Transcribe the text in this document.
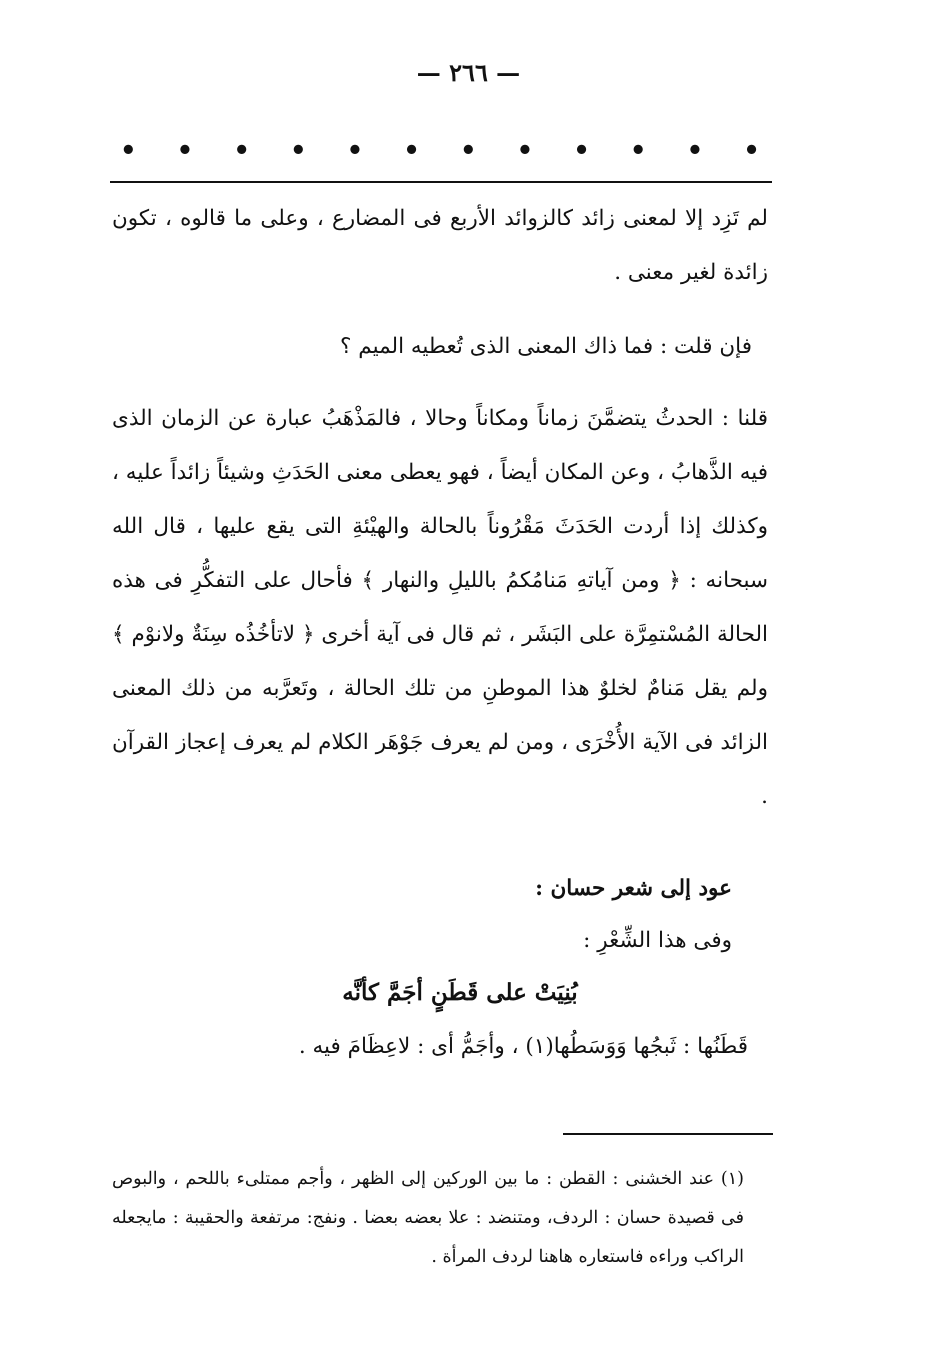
— ٢٦٦ —
• • • • • • • • • • • •

لم تَزِد إلا لمعنى زائد كالزوائد الأربع فى المضارع ، وعلى ما قالوه ، تكون زائدة لغير معنى .

فإن قلت : فما ذاك المعنى الذى تُعطيه الميم ؟

قلنا : الحدثُ يتضمَّنَ زماناً ومكاناً وحالا ، فالمَذْهَبُ عبارة عن الزمان الذى فيه الذَّهابُ ، وعن المكان أيضاً ، فهو يعطى معنى الحَدَثِ وشيئاً زائداً عليه ، وكذلك إذا أردت الحَدَثَ مَقْرُوناً بالحالة والهيْئةِ التى يقع عليها ، قال الله سبحانه : ﴿ ومن آياتهِ مَنامُكمُ بالليلِ والنهار ﴾ فأحال على التفكُّرِ فى هذه الحالة المُسْتمِرَّة على البَشَر ، ثم قال فى آية أخرى ﴿ لاتأخُذُه سِنَةٌ ولانوْم ﴾ ولم يقل مَنامٌ لخلوٌ هذا الموطنِ من تلك الحالة ، وتَعرَّبه من ذلك المعنى الزائد فى الآية الأُخْرَى ، ومن لم يعرف جَوْهَر الكلام لم يعرف إعجاز القرآن .

عود إلى شعر حسان :

وفى هذا الشِّعْرِ :

بُنِيَتْ على قَطَنٍ أجَمَّ كأنَّه

قَطَنُها : ثَبجُها وَوَسَطُها(١) ، وأجَمُّ أى : لاعِظَامَ فيه .

(١) عند الخشنى : القطن : ما بين الوركين إلى الظهر ، وأجم ممتلىء باللحم ، والبوص فى قصيدة حسان : الردف، ومتنضد : علا بعضه بعضا . ونفج: مرتفعة والحقيبة : مايجعله الراكب وراءه فاستعاره هاهنا لردف المرأة .
